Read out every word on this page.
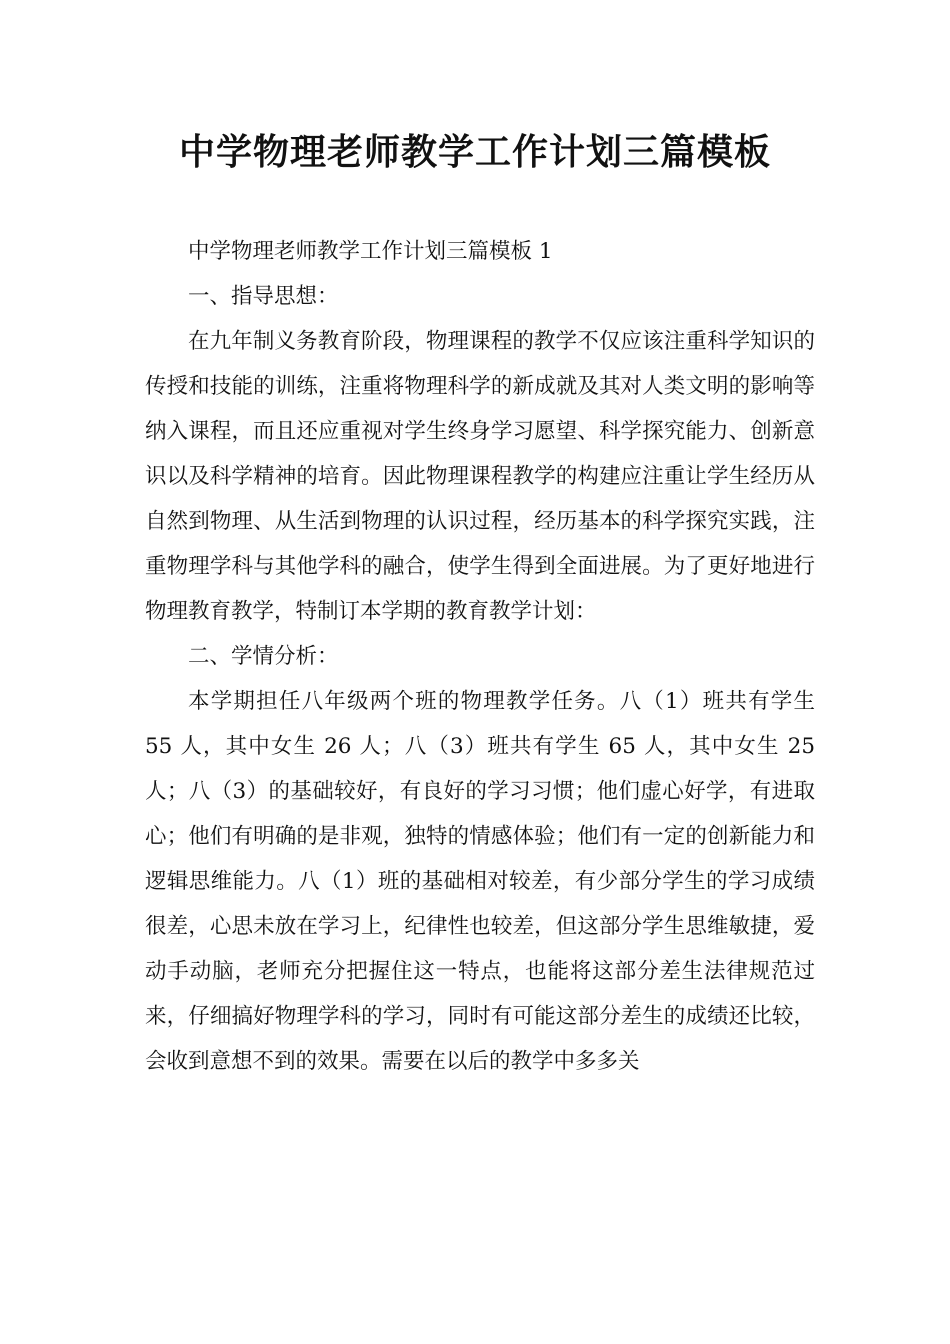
中学物理老师教学工作计划三篇模板

中学物理老师教学工作计划三篇模板 1

一、指导思想：

在九年制义务教育阶段，物理课程的教学不仅应该注重科学知识的传授和技能的训练，注重将物理科学的新成就及其对人类文明的影响等纳入课程，而且还应重视对学生终身学习愿望、科学探究能力、创新意识以及科学精神的培育。因此物理课程教学的构建应注重让学生经历从自然到物理、从生活到物理的认识过程，经历基本的科学探究实践，注重物理学科与其他学科的融合，使学生得到全面进展。为了更好地进行物理教育教学，特制订本学期的教育教学计划：

二、学情分析：

本学期担任八年级两个班的物理教学任务。八（1）班共有学生 55 人，其中女生 26 人；八（3）班共有学生 65 人，其中女生 25 人；八（3）的基础较好，有良好的学习习惯；他们虚心好学，有进取心；他们有明确的是非观，独特的情感体验；他们有一定的创新能力和逻辑思维能力。八（1）班的基础相对较差，有少部分学生的学习成绩很差，心思未放在学习上，纪律性也较差，但这部分学生思维敏捷，爱动手动脑，老师充分把握住这一特点，也能将这部分差生法律规范过来，仔细搞好物理学科的学习，同时有可能这部分差生的成绩还比较，会收到意想不到的效果。需要在以后的教学中多多关
